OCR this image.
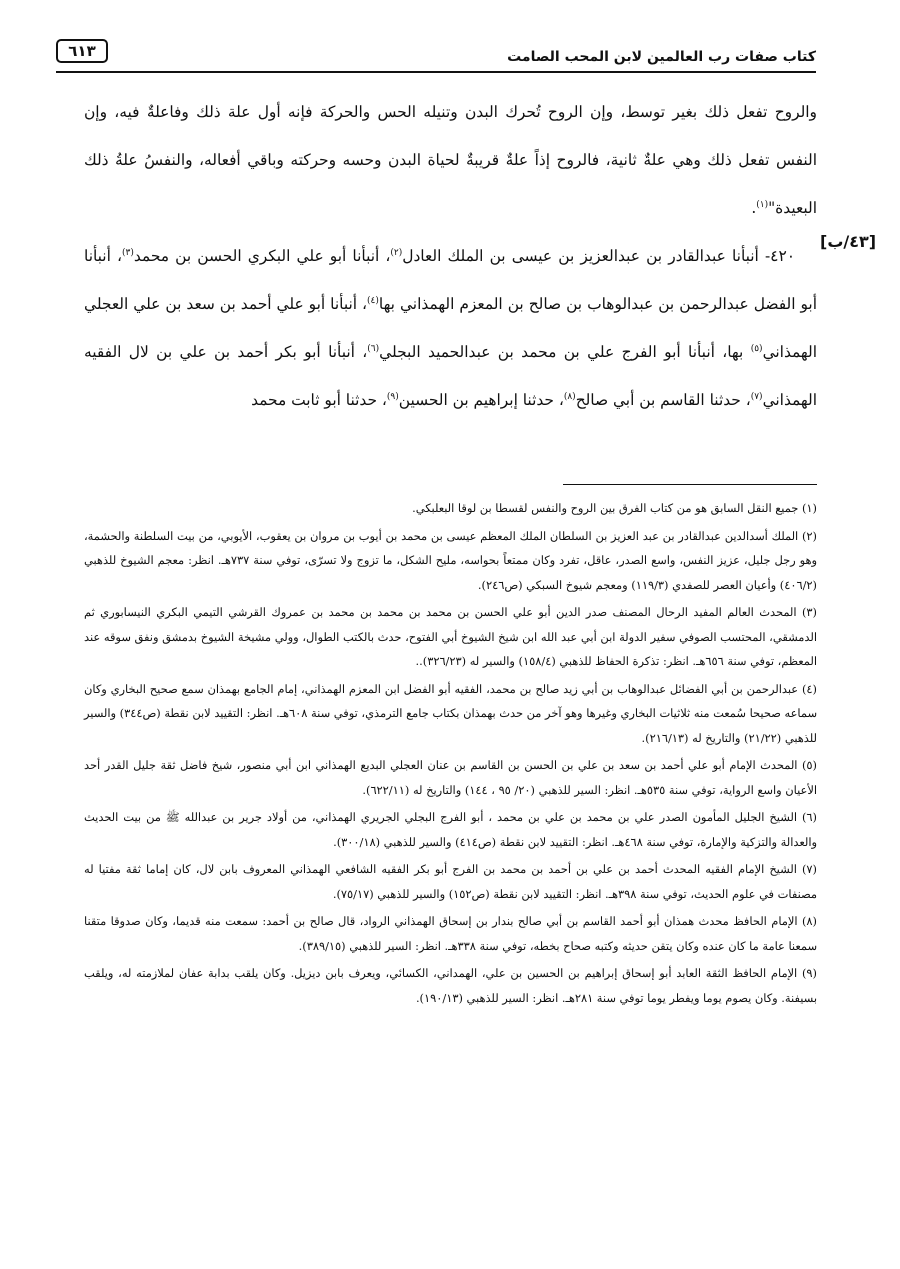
٦١٣	كتاب صفات رب العالمين لابن المحب الصامت
[٤٣/ب]

والروح تفعل ذلك بغير توسط، وإن الروح تُحرك البدن وتنيله الحس والحركة فإنه أول علة ذلك وفاعلةٌ فيه، وإن النفس تفعل ذلك وهي علةٌ ثانية، فالروح إذاً علةٌ قريبةٌ لحياة البدن وحسه وحركته وباقي أفعاله، والنفسُ علةُ ذلك البعيدة"$^{(١)}$.

٤٢٠- أنبأنا عبدالقادر بن عبدالعزيز بن عيسى بن الملك العادل$^{(٢)}$، أنبأنا أبو علي البكري الحسن بن محمد$^{(٣)}$، أنبأنا أبو الفضل عبدالرحمن بن عبدالوهاب بن صالح بن المعزم الهمذاني بها$^{(٤)}$، أنبأنا أبو علي أحمد بن سعد بن علي العجلي الهمذاني$^{(٥)}$ بها، أنبأنا أبو الفرج علي بن محمد بن عبدالحميد البجلي$^{(٦)}$، أنبأنا أبو بكر أحمد بن علي بن لال الفقيه الهمذاني$^{(٧)}$، حدثنا القاسم بن أبي صالح$^{(٨)}$، حدثنا إبراهيم بن الحسين$^{(٩)}$، حدثنا أبو ثابت محمد

(١) جميع النقل السابق هو من كتاب الفرق بين الروح والنفس لقسطا بن لوقا البعلبكي.

(٢) الملك أسدالدين عبدالقادر بن عبد العزيز بن السلطان الملك المعظم عيسى بن محمد بن أيوب بن مروان بن يعقوب، الأيوبي، من بيت السلطنة والحشمة، وهو رجل جليل، عزيز النفس، واسع الصدر، عاقل، تفرد وكان ممتعاً بحواسه، مليح الشكل، ما تزوج ولا تسرّى، توفي سنة ٧٣٧هـ. انظر: معجم الشيوخ للذهبي (٤٠٦/٢) وأعيان العصر للصفدي (١١٩/٣) ومعجم شيوخ السبكي (ص٢٤٦).

(٣) المحدث العالم المفيد الرحال المصنف صدر الدين أبو علي الحسن بن محمد بن محمد بن محمد بن عمروك القرشي التيمي البكري النيسابوري ثم الدمشقي، المحتسب الصوفي سفير الدولة ابن أبي عبد الله ابن شيخ الشيوخ أبي الفتوح، حدث بالكتب الطوال، وولي مشيخة الشيوخ بدمشق ونفق سوقه عند المعظم، توفي سنة ٦٥٦هـ. انظر: تذكرة الحفاظ للذهبي (١٥٨/٤) والسير له (٣٢٦/٢٣)..

(٤) عبدالرحمن بن أبي الفضائل عبدالوهاب بن أبي زيد صالح بن محمد، الفقيه أبو الفضل ابن المعزم الهمذاني، إمام الجامع بهمذان سمع صحيح البخاري وكان سماعه صحيحا سُمعت منه ثلاثيات البخاري وغيرها وهو آخر من حدث بهمذان بكتاب جامع الترمذي، توفي سنة ٦٠٨هـ. انظر: التقييد لابن نقطة (ص٣٤٤) والسير للذهبي (٢١/٢٢) والتاريخ له (٢١٦/١٣).

(٥) المحدث الإمام أبو علي أحمد بن سعد بن علي بن الحسن بن القاسم بن عنان العجلي البديع الهمذاني ابن أبي منصور، شيخ فاضل ثقة جليل القدر أحد الأعيان واسع الرواية، توفي سنة ٥٣٥هـ. انظر: السير للذهبي (٢٠/ ٩٥ ، ١٤٤) والتاريخ له (٦٢٢/١١).

(٦) الشيخ الجليل المأمون الصدر علي بن محمد بن علي بن محمد ، أبو الفرج البجلي الجريري الهمذاني، من أولاد جرير بن عبدالله ﷺ من بيت الحديث والعدالة والتزكية والإمارة، توفي سنة ٤٦٨هـ. انظر: التقييد لابن نقطة (ص٤١٤) والسير للذهبي (٣٠٠/١٨).

(٧) الشيخ الإمام الفقيه المحدث أحمد بن علي بن أحمد بن محمد بن الفرج أبو بكر الفقيه الشافعي الهمذاني المعروف بابن لال، كان إماما ثقة مفتيا له مصنفات في علوم الحديث، توفي سنة ٣٩٨هـ. انظر: التقييد لابن نقطة (ص١٥٢) والسير للذهبي (٧٥/١٧).

(٨) الإمام الحافظ محدث همذان أبو أحمد القاسم بن أبي صالح بندار بن إسحاق الهمذاني الرواد، قال صالح بن أحمد: سمعت منه قديما، وكان صدوقا متقنا سمعنا عامة ما كان عنده وكان يتقن حديثه وكتبه صحاح بخطه، توفي سنة ٣٣٨هـ. انظر: السير للذهبي (٣٨٩/١٥).

(٩) الإمام الحافظ الثقة العابد أبو إسحاق إبراهيم بن الحسين بن علي، الهمداني، الكسائي، ويعرف بابن ديزيل. وكان يلقب بدابة عفان لملازمته له، ويلقب بسيفنة. وكان يصوم يوما ويفطر يوما توفي سنة ٢٨١هـ. انظر: السير للذهبي (١٩٠/١٣).
